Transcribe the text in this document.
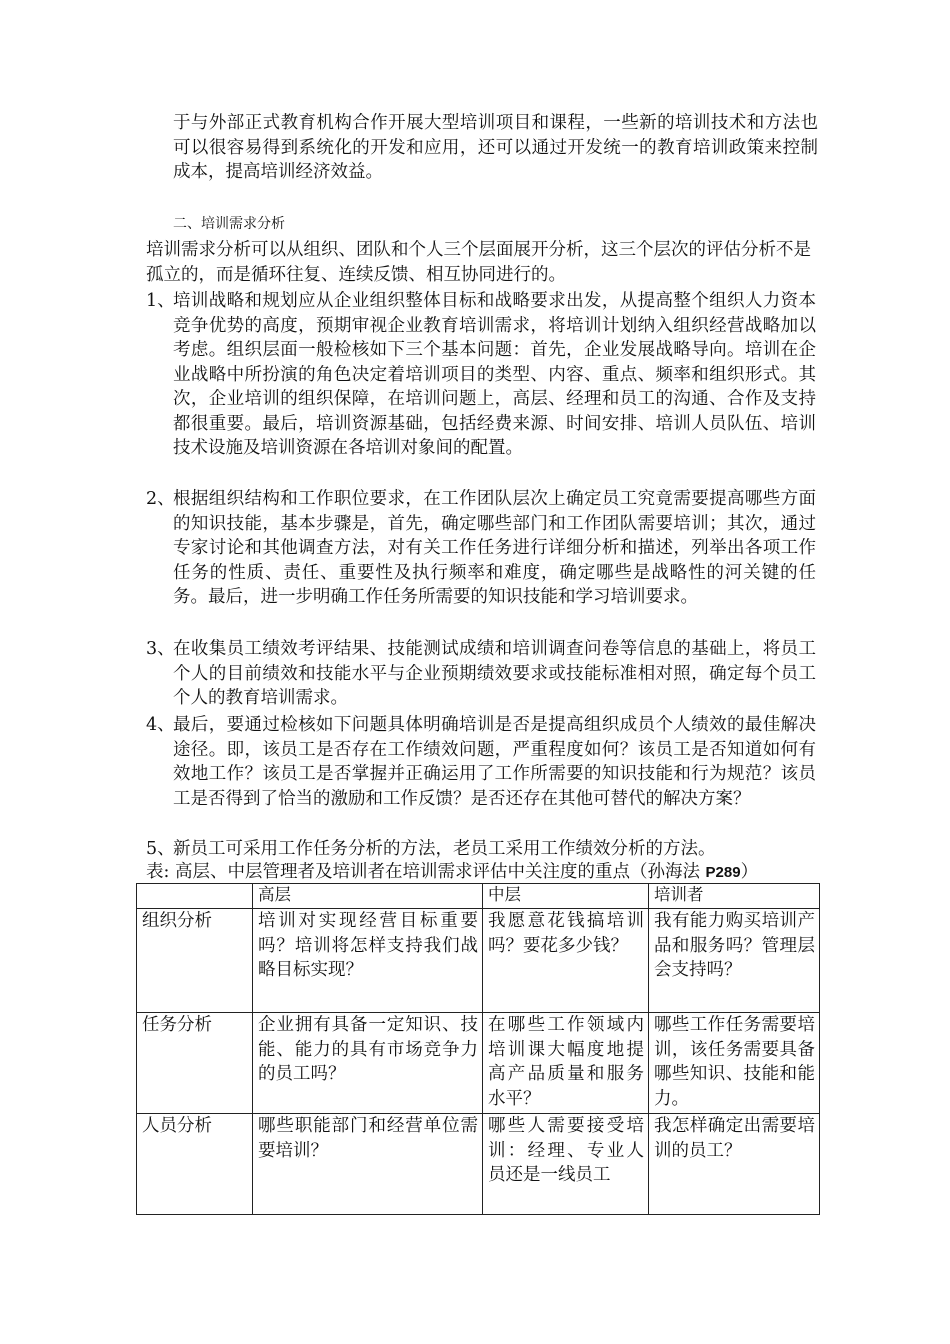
于与外部正式教育机构合作开展大型培训项目和课程，一些新的培训技术和方法也可以很容易得到系统化的开发和应用，还可以通过开发统一的教育培训政策来控制成本，提高培训经济效益。

二、培训需求分析

培训需求分析可以从组织、团队和个人三个层面展开分析，这三个层次的评估分析不是孤立的，而是循环往复、连续反馈、相互协同进行的。

1、
培训战略和规划应从企业组织整体目标和战略要求出发，从提高整个组织人力资本竞争优势的高度，预期审视企业教育培训需求，将培训计划纳入组织经营战略加以考虑。组织层面一般检核如下三个基本问题：首先，企业发展战略导向。培训在企业战略中所扮演的角色决定着培训项目的类型、内容、重点、频率和组织形式。其次，企业培训的组织保障，在培训问题上，高层、经理和员工的沟通、合作及支持都很重要。最后，培训资源基础，包括经费来源、时间安排、培训人员队伍、培训技术设施及培训资源在各培训对象间的配置。
2、
根据组织结构和工作职位要求，在工作团队层次上确定员工究竟需要提高哪些方面的知识技能，基本步骤是，首先，确定哪些部门和工作团队需要培训；其次，通过专家讨论和其他调查方法，对有关工作任务进行详细分析和描述，列举出各项工作任务的性质、责任、重要性及执行频率和难度，确定哪些是战略性的河关键的任务。最后，进一步明确工作任务所需要的知识技能和学习培训要求。
3、
在收集员工绩效考评结果、技能测试成绩和培训调查问卷等信息的基础上，将员工个人的目前绩效和技能水平与企业预期绩效要求或技能标准相对照，确定每个员工个人的教育培训需求。
4、
最后，要通过检核如下问题具体明确培训是否是提高组织成员个人绩效的最佳解决途径。即，该员工是否存在工作绩效问题，严重程度如何？该员工是否知道如何有效地工作？该员工是否掌握并正确运用了工作所需要的知识技能和行为规范？该员工是否得到了恰当的激励和工作反馈？是否还存在其他可替代的解决方案？
5、
新员工可采用工作任务分析的方法，老员工采用工作绩效分析的方法。

表: 高层、中层管理者及培训者在培训需求评估中关注度的重点（孙海法 P289）

	高层	中层	培训者
组织分析	培训对实现经营目标重要吗？培训将怎样支持我们战略目标实现？	我愿意花钱搞培训吗？要花多少钱？	我有能力购买培训产品和服务吗？管理层会支持吗？
任务分析	企业拥有具备一定知识、技能、能力的具有市场竞争力的员工吗？	在哪些工作领域内培训课大幅度地提高产品质量和服务水平？	哪些工作任务需要培训，该任务需要具备哪些知识、技能和能力。
人员分析	哪些职能部门和经营单位需要培训？	哪些人需要接受培训：经理、专业人员还是一线员工	我怎样确定出需要培训的员工？
